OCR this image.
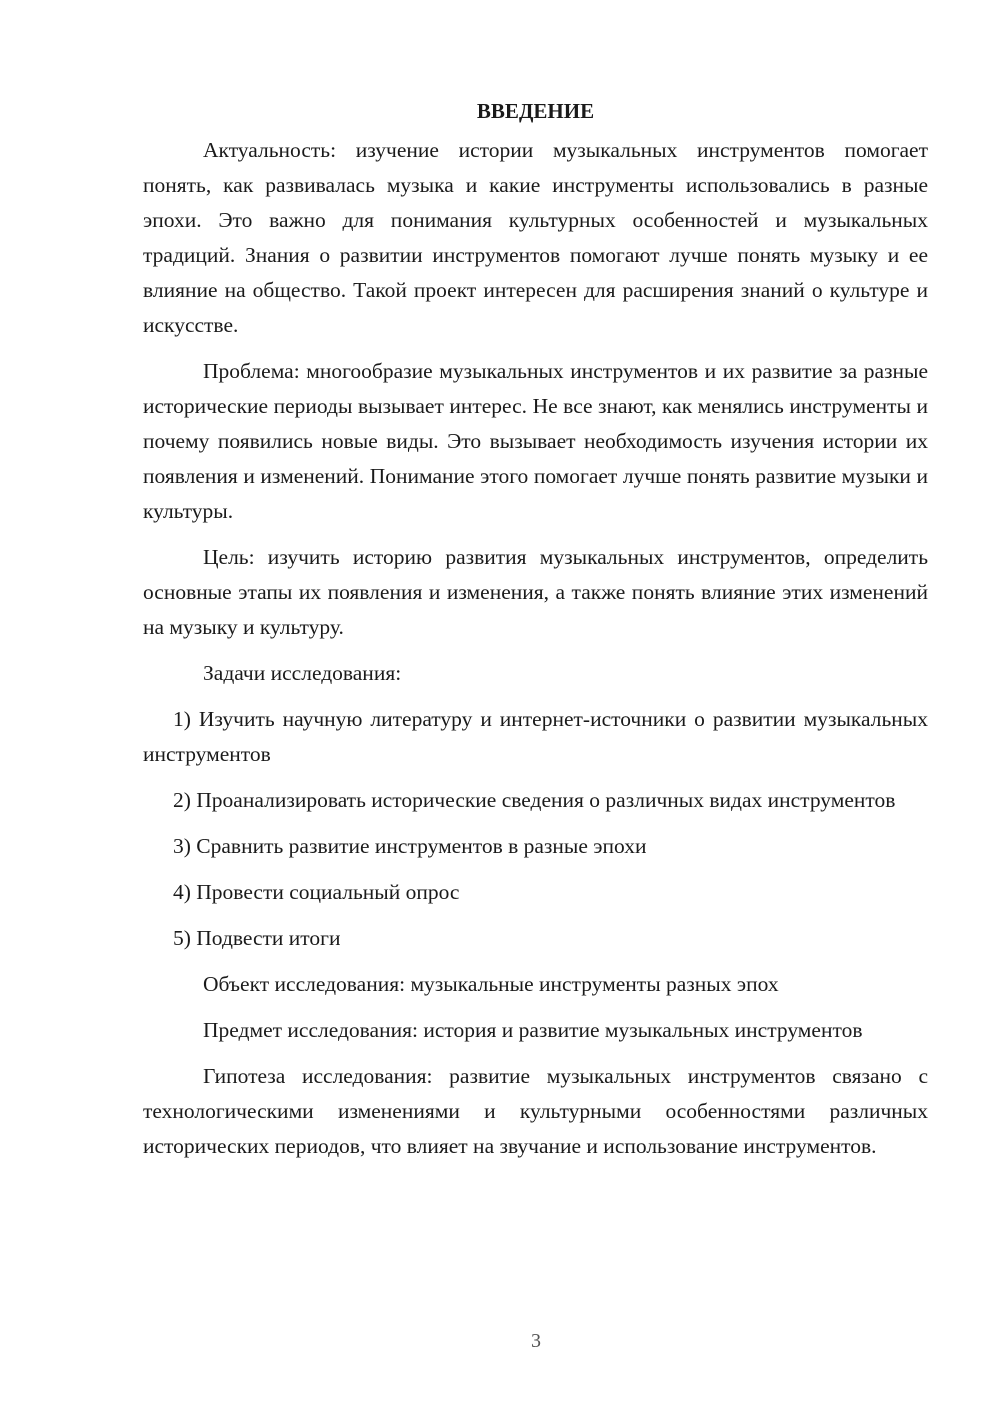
ВВЕДЕНИЕ

Актуальность: изучение истории музыкальных инструментов помогает понять, как развивалась музыка и какие инструменты использовались в разные эпохи. Это важно для понимания культурных особенностей и музыкальных традиций. Знания о развитии инструментов помогают лучше понять музыку и ее влияние на общество. Такой проект интересен для расширения знаний о культуре и искусстве.

Проблема: многообразие музыкальных инструментов и их развитие за разные исторические периоды вызывает интерес. Не все знают, как менялись инструменты и почему появились новые виды. Это вызывает необходимость изучения истории их появления и изменений. Понимание этого помогает лучше понять развитие музыки и культуры.

Цель: изучить историю развития музыкальных инструментов, определить основные этапы их появления и изменения, а также понять влияние этих изменений на музыку и культуру.

Задачи исследования:

1) Изучить научную литературу и интернет-источники о развитии музыкальных инструментов

2) Проанализировать исторические сведения о различных видах инструментов

3) Сравнить развитие инструментов в разные эпохи

4) Провести социальный опрос

5) Подвести итоги

Объект исследования: музыкальные инструменты разных эпох

Предмет исследования: история и развитие музыкальных инструментов

Гипотеза исследования: развитие музыкальных инструментов связано с технологическими изменениями и культурными особенностями различных исторических периодов, что влияет на звучание и использование инструментов.

3
